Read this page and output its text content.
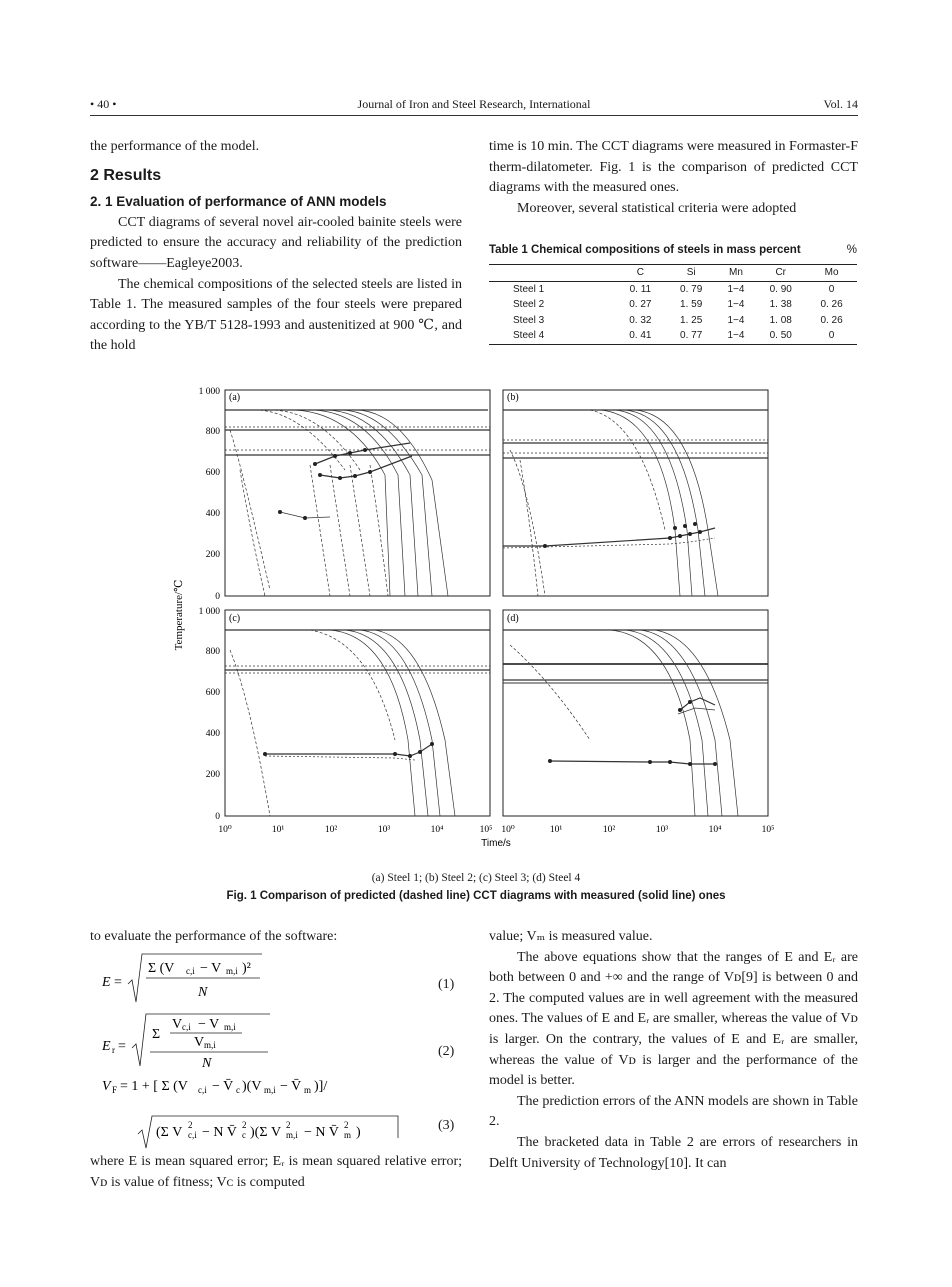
• 40 •	Journal of Iron and Steel Research, International	Vol. 14

the performance of the model.

2 Results

2. 1 Evaluation of performance of ANN models

CCT diagrams of several novel air-cooled bainite steels were predicted to ensure the accuracy and reliability of the prediction software——Eagleye2003.

The chemical compositions of the selected steels are listed in Table 1. The measured samples of the four steels were prepared according to the YB/T 5128-1993 and austenitized at 900 ℃, and the hold

time is 10 min. The CCT diagrams were measured in Formaster-F therm-dilatometer. Fig. 1 is the comparison of predicted CCT diagrams with the measured ones.

Moreover, several statistical criteria were adopted

Table 1 Chemical compositions of steels in mass percent	%
	C	Si	Mn	Cr	Mo
Steel 1	0. 11	0. 79	1−4	0. 90	0
Steel 2	0. 27	1. 59	1−4	1. 38	0. 26
Steel 3	0. 32	1. 25	1−4	1. 08	0. 26
Steel 4	0. 41	0. 77	1−4	0. 50	0
Temperature/℃
(a)	(b)
(c)	(d)
1 000
800
600
400
200
0
1 000
800
600
400
200
0
10⁰	10¹	10²	10³	10⁴	10⁵ 10⁰	10¹	10²	10³	10⁴	10⁵
Time/s
(a) Steel 1; (b) Steel 2; (c) Steel 3; (d) Steel 4
Fig. 1 Comparison of predicted (dashed line) CCT diagrams with measured (solid line) ones

to evaluate the performance of the software:

E =
Σ (V c,i − V m,i )²
N
(1)
E r =
Σ
V c,i − V m,i
V m,i
N
(2)
V F = 1 + [ Σ (V c,i − V̄ c )(V m,i − V̄ m )]/
(Σ V c,i
2 − N V̄ c
2 )(Σ V m,i
2 − N V̄ m
2 )	(3)

where E is mean squared error; Eᵣ is mean squared relative error; Vᴅ is value of fitness; Vᴄ is computed

value; Vₘ is measured value.

The above equations show that the ranges of E and Eᵣ are both between 0 and +∞ and the range of Vᴅ[9] is between 0 and 2. The computed values are in well agreement with the measured ones. The values of E and Eᵣ are smaller, whereas the value of Vᴅ is larger. On the contrary, the values of E and Eᵣ are smaller, whereas the value of Vᴅ is larger and the performance of the model is better.

The prediction errors of the ANN models are shown in Table 2.

The bracketed data in Table 2 are errors of researchers in Delft University of Technology[10]. It can
